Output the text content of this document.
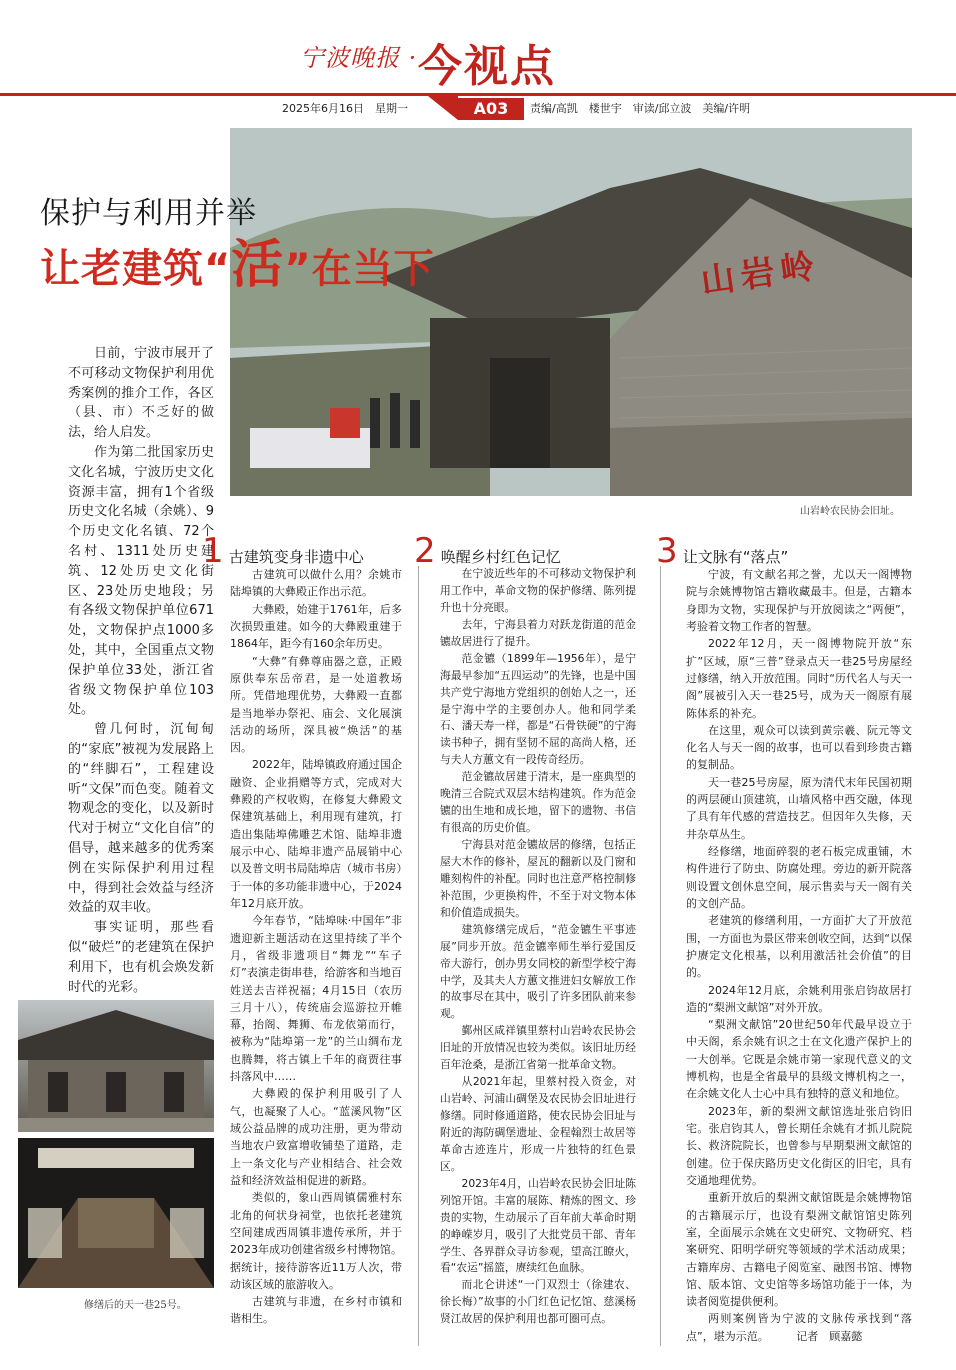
宁波晚报 · 今视点
A03
2025年6月16日　星期一	责编/高凯　楼世宇　审读/邱立波　美编/许明
山岩岭
山岩岭农民协会旧址。
保护与利用并举
让老建筑“活”在当下

日前，宁波市展开了不可移动文物保护利用优秀案例的推介工作，各区（县、市）不乏好的做法，给人启发。

作为第二批国家历史文化名城，宁波历史文化资源丰富，拥有1个省级历史文化名城（余姚）、9个历史文化名镇、72个名村、1311处历史建筑、12处历史文化街区、23处历史地段；另有各级文物保护单位671处，文物保护点1000多处，其中，全国重点文物保护单位33处，浙江省省级文物保护单位103处。

曾几何时，沉甸甸的“家底”被视为发展路上的“绊脚石”，工程建设听“文保”而色变。随着文物观念的变化，以及新时代对于树立“文化自信”的倡导，越来越多的优秀案例在实际保护利用过程中，得到社会效益与经济效益的双丰收。

事实证明，那些看似“破烂”的老建筑在保护利用下，也有机会焕发新时代的光彩。

修缮后的天一巷25号。
1 古建筑变身非遗中心

古建筑可以做什么用？余姚市陆埠镇的大彝殿正作出示范。

大彝殿，始建于1761年，后多次损毁重建。如今的大彝殿重建于1864年，距今有160余年历史。

“大彝”有彝尊庙器之意，正殿原供奉东岳帝君，是一处道教场所。凭借地理优势，大彝殿一直都是当地举办祭祀、庙会、文化展演活动的场所，深具被“焕活”的基因。

2022年，陆埠镇政府通过国企融资、企业捐赠等方式，完成对大彝殿的产权收购，在修复大彝殿文保建筑基础上，利用现有建筑，打造出集陆埠佛雕艺术馆、陆埠非遗展示中心、陆埠非遗产品展销中心以及普文明书局陆埠店（城市书房）于一体的多功能非遗中心，于2024年12月底开放。

今年春节，“陆埠味·中国年”非遗迎新主题活动在这里持续了半个月，省级非遗项目“舞龙”“车子灯”表演走街串巷，给游客和当地百姓送去吉祥祝福；4月15日（农历三月十八），传统庙会巡游拉开帷幕，抬阁、舞狮、布龙依第而行，被称为“陆埠第一龙”的兰山绸布龙也腾舞，将古镇上千年的商贾往事抖落风中……

大彝殿的保护利用吸引了人气，也凝聚了人心。“蓝溪风物”区域公益品牌的成功注册，更为带动当地农户致富增收铺垫了道路，走上一条文化与产业相结合、社会效益和经济效益相促进的新路。

类似的，象山西周镇儒雅村东北角的何状身祠堂，也依托老建筑空间建成西周镇非遗传承所，并于2023年成功创建省级乡村博物馆。据统计，接待游客近11万人次，带动该区域的旅游收入。

古建筑与非遗，在乡村市镇和谐相生。

2 唤醒乡村红色记忆

在宁波近些年的不可移动文物保护利用工作中，革命文物的保护修缮、陈列提升也十分亮眼。

去年，宁海县着力对跃龙街道的范金镳故居进行了提升。

范金镳（1899年—1956年），是宁海最早参加“五四运动”的先锋，也是中国共产党宁海地方党组织的创始人之一，还是宁海中学的主要创办人。他和同学柔石、潘天寿一样，都是“石骨铁硬”的宁海读书种子，拥有坚韧不屈的高尚人格，还与夫人方蕙文有一段传奇经历。

范金镳故居建于清末，是一座典型的晚清三合院式双层木结构建筑。作为范金镳的出生地和成长地，留下的遗物、书信有很高的历史价值。

宁海县对范金镳故居的修缮，包括正屋大木作的修补，屋瓦的翻新以及门窗和雕刻构件的补配。同时也注意严格控制修补范围，少更换构件，不至于对文物本体和价值造成损失。

建筑修缮完成后，“范金镳生平事迹展”同步开放。范金镳率师生举行爱国反帝大游行，创办男女同校的新型学校宁海中学，及其夫人方蕙文推进妇女解放工作的故事尽在其中，吸引了许多团队前来参观。

鄞州区咸祥镇里蔡村山岩岭农民协会旧址的开放情况也较为类似。该旧址历经百年沧桑，是浙江省第一批革命文物。

从2021年起，里蔡村投入资金，对山岩岭、河浦山碉堡及农民协会旧址进行修缮。同时修通道路，使农民协会旧址与附近的海防碉堡遗址、金程翰烈士故居等革命古迹连片，形成一片独特的红色景区。

2023年4月，山岩岭农民协会旧址陈列馆开馆。丰富的展陈、精炼的图文、珍贵的实物，生动展示了百年前大革命时期的峥嵘岁月，吸引了大批党员干部、青年学生、各界群众寻访参观，望高江瞭火，看“农运”摇篮，赓续红色血脉。

而北仑讲述“一门双烈士（徐建农、徐长梅）”故事的小门红色记忆馆、慈溪杨贤江故居的保护利用也都可圈可点。

3 让文脉有“落点”

宁波，有文献名邦之誉，尤以天一阁博物院与余姚博物馆古籍收藏最丰。但是，古籍本身即为文物，实现保护与开放阅读之“两便”，考验着文物工作者的智慧。

2022年12月，天一阁博物院开放“东扩”区域，原“三普”登录点天一巷25号房屋经过修缮，纳入开放范围。同时“历代名人与天一阁”展被引入天一巷25号，成为天一阁原有展陈体系的补充。

在这里，观众可以读到黄宗羲、阮元等文化名人与天一阁的故事，也可以看到珍贵古籍的复制品。

天一巷25号房屋，原为清代末年民国初期的两层硬山顶建筑，山墙风格中西交融，体现了具有年代感的营造技艺。但因年久失修，天井杂草丛生。

经修缮，地面碎裂的老石板完成重铺，木构件进行了防虫、防腐处理。旁边的新开院落则设置文创休息空间，展示售卖与天一阁有关的文创产品。

老建筑的修缮利用，一方面扩大了开放范围，一方面也为景区带来创收空间，达到“以保护赓定文化根基，以利用激活社会价值”的目的。

2024年12月底，余姚利用张启钧故居打造的“梨洲文献馆”对外开放。

“梨洲文献馆”20世纪50年代最早设立于中天阁，系余姚有识之士在文化遗产保护上的一大创举。它既是余姚市第一家现代意义的文博机构，也是全省最早的县级文博机构之一，在余姚文化人士心中具有独特的意义和地位。

2023年，新的梨洲文献馆选址张启钧旧宅。张启钧其人，曾长期任余姚有才抓儿院院长、救济院院长，也曾参与早期梨洲文献馆的创建。位于保庆路历史文化街区的旧宅，具有交通地理优势。

重新开放后的梨洲文献馆既是余姚博物馆的古籍展示厅，也设有梨洲文献馆馆史陈列室，全面展示余姚在文史研究、文物研究、档案研究、阳明学研究等领域的学术活动成果；古籍库房、古籍电子阅览室、融图书馆、博物馆、版本馆、文史馆等多场馆功能于一体，为读者阅览提供便利。

两则案例皆为宁波的文脉传承找到“落点”，堪为示范。　　　记者　顾嘉懿
